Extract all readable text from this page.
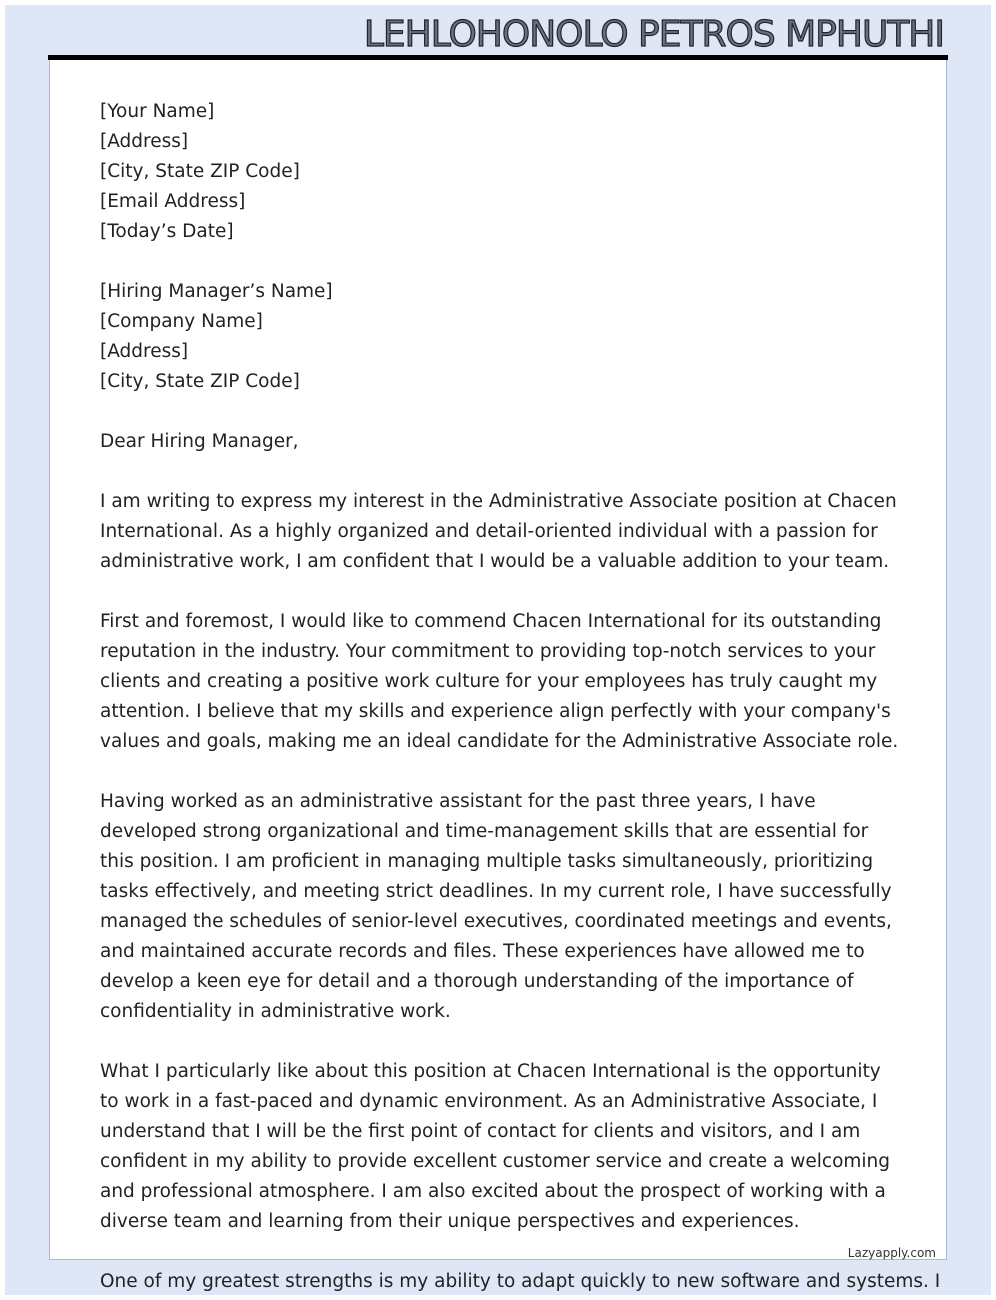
LEHLOHONOLO PETROS MPHUTHI
[Your Name]
[Address]
[City, State ZIP Code]
[Email Address]
[Today’s Date]
[Hiring Manager’s Name]
[Company Name]
[Address]
[City, State ZIP Code]

Dear Hiring Manager,

I am writing to express my interest in the Administrative Associate position at Chacen International. As a highly organized and detail-oriented individual with a passion for administrative work, I am confident that I would be a valuable addition to your team.

First and foremost, I would like to commend Chacen International for its outstanding reputation in the industry. Your commitment to providing top-notch services to your clients and creating a positive work culture for your employees has truly caught my attention. I believe that my skills and experience align perfectly with your company's values and goals, making me an ideal candidate for the Administrative Associate role.

Having worked as an administrative assistant for the past three years, I have developed strong organizational and time-management skills that are essential for this position. I am proficient in managing multiple tasks simultaneously, prioritizing tasks effectively, and meeting strict deadlines. In my current role, I have successfully managed the schedules of senior-level executives, coordinated meetings and events, and maintained accurate records and files. These experiences have allowed me to develop a keen eye for detail and a thorough understanding of the importance of confidentiality in administrative work.

What I particularly like about this position at Chacen International is the opportunity to work in a fast-paced and dynamic environment. As an Administrative Associate, I understand that I will be the first point of contact for clients and visitors, and I am confident in my ability to provide excellent customer service and create a welcoming and professional atmosphere. I am also excited about the prospect of working with a diverse team and learning from their unique perspectives and experiences.

Lazyapply.com
One of my greatest strengths is my ability to adapt quickly to new software and systems. I
